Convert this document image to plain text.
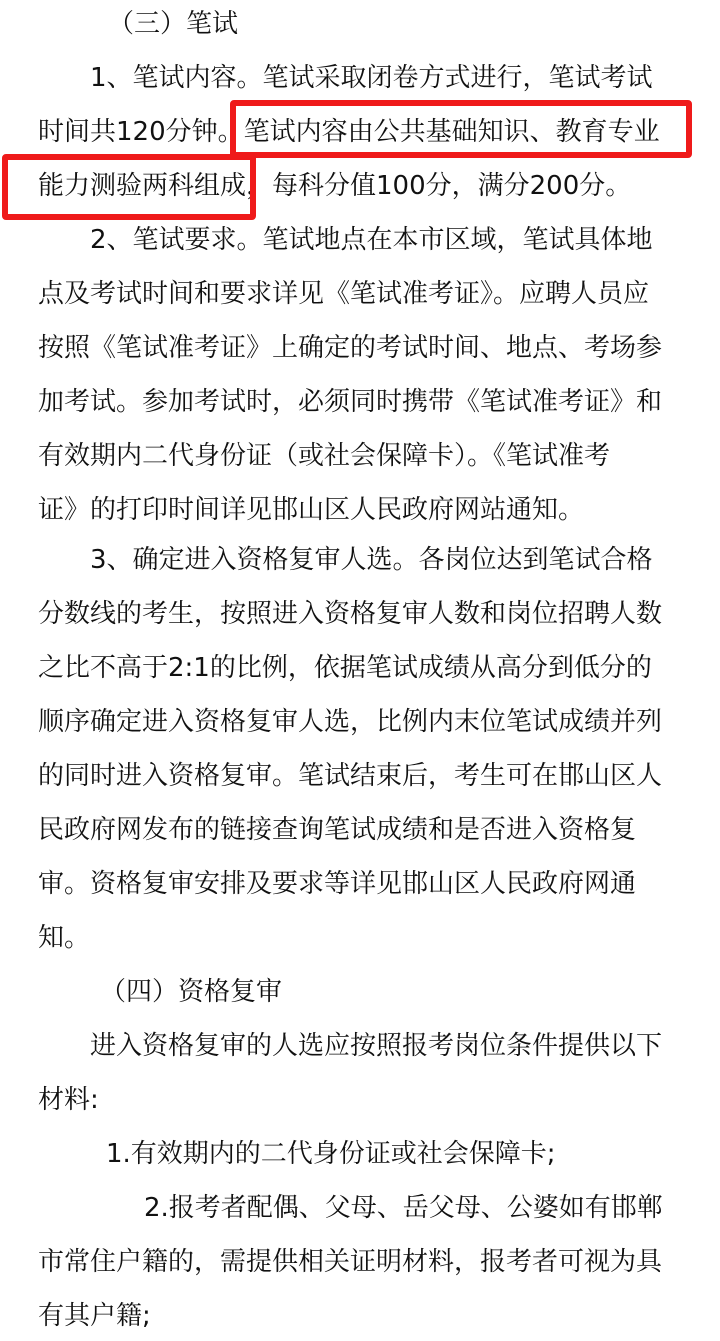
（三）笔试
1、笔试内容。笔试采取闭卷方式进行，笔试考试
时间共120分钟。笔试内容由公共基础知识、教育专业
能力测验两科组成，每科分值100分，满分200分。
2、笔试要求。笔试地点在本市区域，笔试具体地
点及考试时间和要求详见《笔试准考证》。应聘人员应
按照《笔试准考证》上确定的考试时间、地点、考场参
加考试。参加考试时，必须同时携带《笔试准考证》和
有效期内二代身份证（或社会保障卡）。《笔试准考
证》的打印时间详见邯山区人民政府网站通知。
3、确定进入资格复审人选。各岗位达到笔试合格
分数线的考生，按照进入资格复审人数和岗位招聘人数
之比不高于2:1的比例，依据笔试成绩从高分到低分的
顺序确定进入资格复审人选，比例内末位笔试成绩并列
的同时进入资格复审。笔试结束后，考生可在邯山区人
民政府网发布的链接查询笔试成绩和是否进入资格复
审。资格复审安排及要求等详见邯山区人民政府网通
知。
（四）资格复审
进入资格复审的人选应按照报考岗位条件提供以下
材料:
1.有效期内的二代身份证或社会保障卡;
2.报考者配偶、父母、岳父母、公婆如有邯郸
市常住户籍的，需提供相关证明材料，报考者可视为具
有其户籍;
